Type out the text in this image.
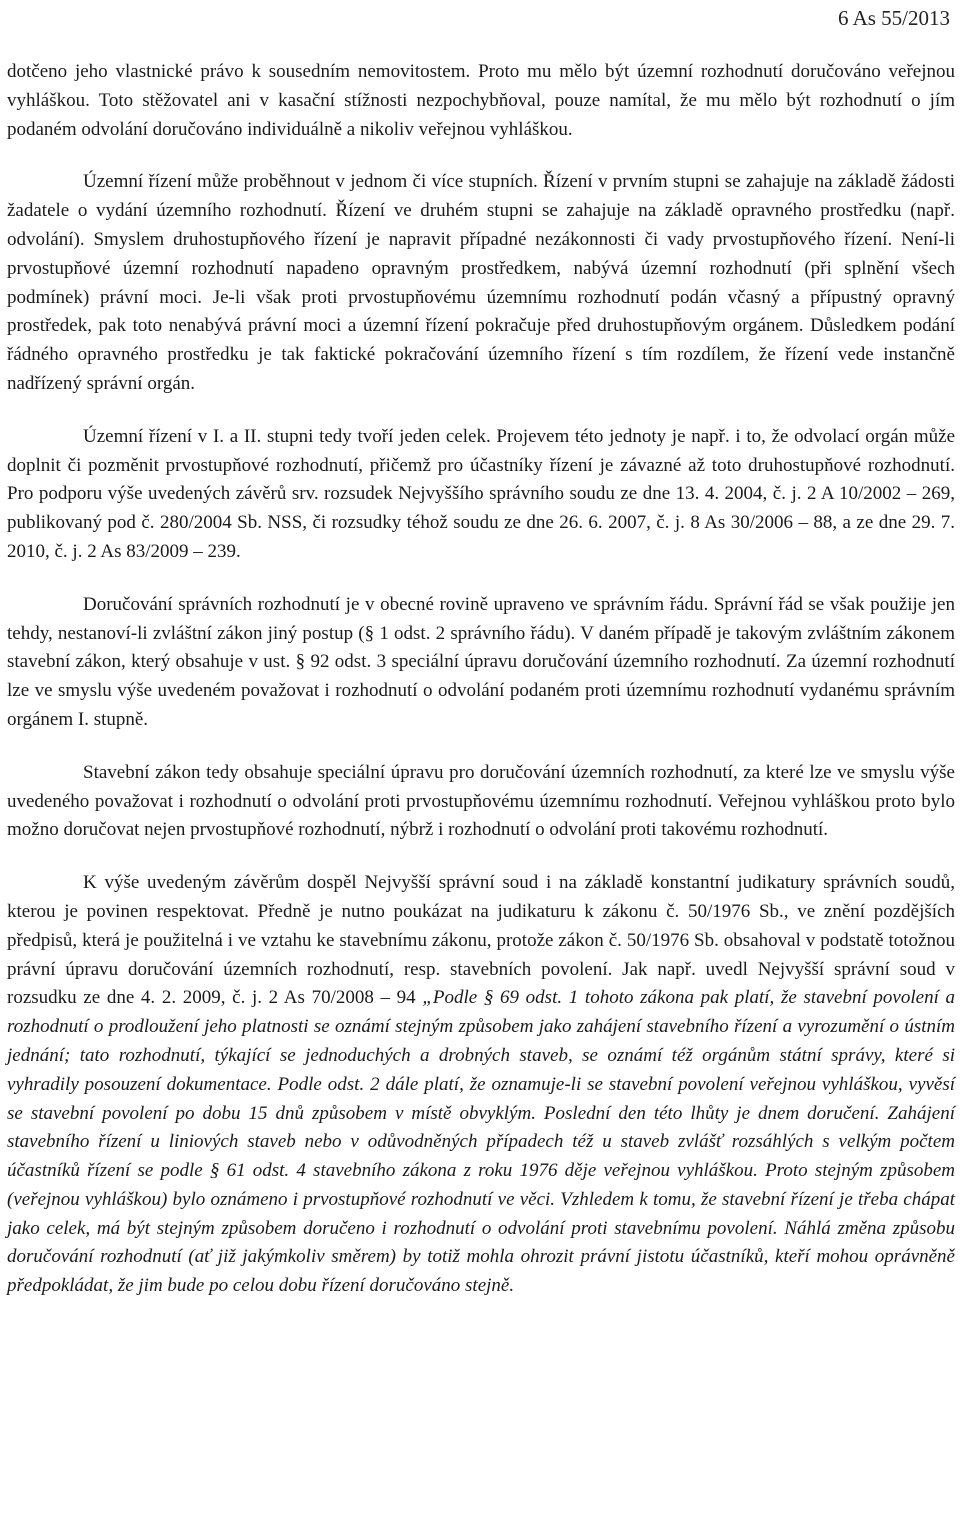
6 As 55/2013

dotčeno jeho vlastnické právo k sousedním nemovitostem. Proto mu mělo být územní rozhodnutí doručováno veřejnou vyhláškou. Toto stěžovatel ani v kasační stížnosti nezpochybňoval, pouze namítal, že mu mělo být rozhodnutí o jím podaném odvolání doručováno individuálně a nikoliv veřejnou vyhláškou.

Územní řízení může proběhnout v jednom či více stupních. Řízení v prvním stupni se zahajuje na základě žádosti žadatele o vydání územního rozhodnutí. Řízení ve druhém stupni se zahajuje na základě opravného prostředku (např. odvolání). Smyslem druhostupňového řízení je napravit případné nezákonnosti či vady prvostupňového řízení. Není-li prvostupňové územní rozhodnutí napadeno opravným prostředkem, nabývá územní rozhodnutí (při splnění všech podmínek) právní moci. Je-li však proti prvostupňovému územnímu rozhodnutí podán včasný a přípustný opravný prostředek, pak toto nenabývá právní moci a územní řízení pokračuje před druhostupňovým orgánem. Důsledkem podání řádného opravného prostředku je tak faktické pokračování územního řízení s tím rozdílem, že řízení vede instančně nadřízený správní orgán.

Územní řízení v I. a II. stupni tedy tvoří jeden celek. Projevem této jednoty je např. i to, že odvolací orgán může doplnit či pozměnit prvostupňové rozhodnutí, přičemž pro účastníky řízení je závazné až toto druhostupňové rozhodnutí. Pro podporu výše uvedených závěrů srv. rozsudek Nejvyššího správního soudu ze dne 13. 4. 2004, č. j. 2 A 10/2002 – 269, publikovaný pod č. 280/2004 Sb. NSS, či rozsudky téhož soudu ze dne 26. 6. 2007, č. j. 8 As 30/2006 – 88, a ze dne 29. 7. 2010, č. j. 2 As 83/2009 – 239.

Doručování správních rozhodnutí je v obecné rovině upraveno ve správním řádu. Správní řád se však použije jen tehdy, nestanoví-li zvláštní zákon jiný postup (§ 1 odst. 2 správního řádu). V daném případě je takovým zvláštním zákonem stavební zákon, který obsahuje v ust. § 92 odst. 3 speciální úpravu doručování územního rozhodnutí. Za územní rozhodnutí lze ve smyslu výše uvedeném považovat i rozhodnutí o odvolání podaném proti územnímu rozhodnutí vydanému správním orgánem I. stupně.

Stavební zákon tedy obsahuje speciální úpravu pro doručování územních rozhodnutí, za které lze ve smyslu výše uvedeného považovat i rozhodnutí o odvolání proti prvostupňovému územnímu rozhodnutí. Veřejnou vyhláškou proto bylo možno doručovat nejen prvostupňové rozhodnutí, nýbrž i rozhodnutí o odvolání proti takovému rozhodnutí.

K výše uvedeným závěrům dospěl Nejvyšší správní soud i na základě konstantní judikatury správních soudů, kterou je povinen respektovat. Předně je nutno poukázat na judikaturu k zákonu č. 50/1976 Sb., ve znění pozdějších předpisů, která je použitelná i ve vztahu ke stavebnímu zákonu, protože zákon č. 50/1976 Sb. obsahoval v podstatě totožnou právní úpravu doručování územních rozhodnutí, resp. stavebních povolení. Jak např. uvedl Nejvyšší správní soud v rozsudku ze dne 4. 2. 2009, č. j. 2 As 70/2008 – 94 „Podle § 69 odst. 1 tohoto zákona pak platí, že stavební povolení a rozhodnutí o prodloužení jeho platnosti se oznámí stejným způsobem jako zahájení stavebního řízení a vyrozumění o ústním jednání; tato rozhodnutí, týkající se jednoduchých a drobných staveb, se oznámí též orgánům státní správy, které si vyhradily posouzení dokumentace. Podle odst. 2 dále platí, že oznamuje-li se stavební povolení veřejnou vyhláškou, vyvěsí se stavební povolení po dobu 15 dnů způsobem v místě obvyklým. Poslední den této lhůty je dnem doručení. Zahájení stavebního řízení u liniových staveb nebo v odůvodněných případech též u staveb zvlášť rozsáhlých s velkým počtem účastníků řízení se podle § 61 odst. 4 stavebního zákona z roku 1976 děje veřejnou vyhláškou. Proto stejným způsobem (veřejnou vyhláškou) bylo oznámeno i prvostupňové rozhodnutí ve věci. Vzhledem k tomu, že stavební řízení je třeba chápat jako celek, má být stejným způsobem doručeno i rozhodnutí o odvolání proti stavebnímu povolení. Náhlá změna způsobu doručování rozhodnutí (ať již jakýmkoliv směrem) by totiž mohla ohrozit právní jistotu účastníků, kteří mohou oprávněně předpokládat, že jim bude po celou dobu řízení doručováno stejně.
